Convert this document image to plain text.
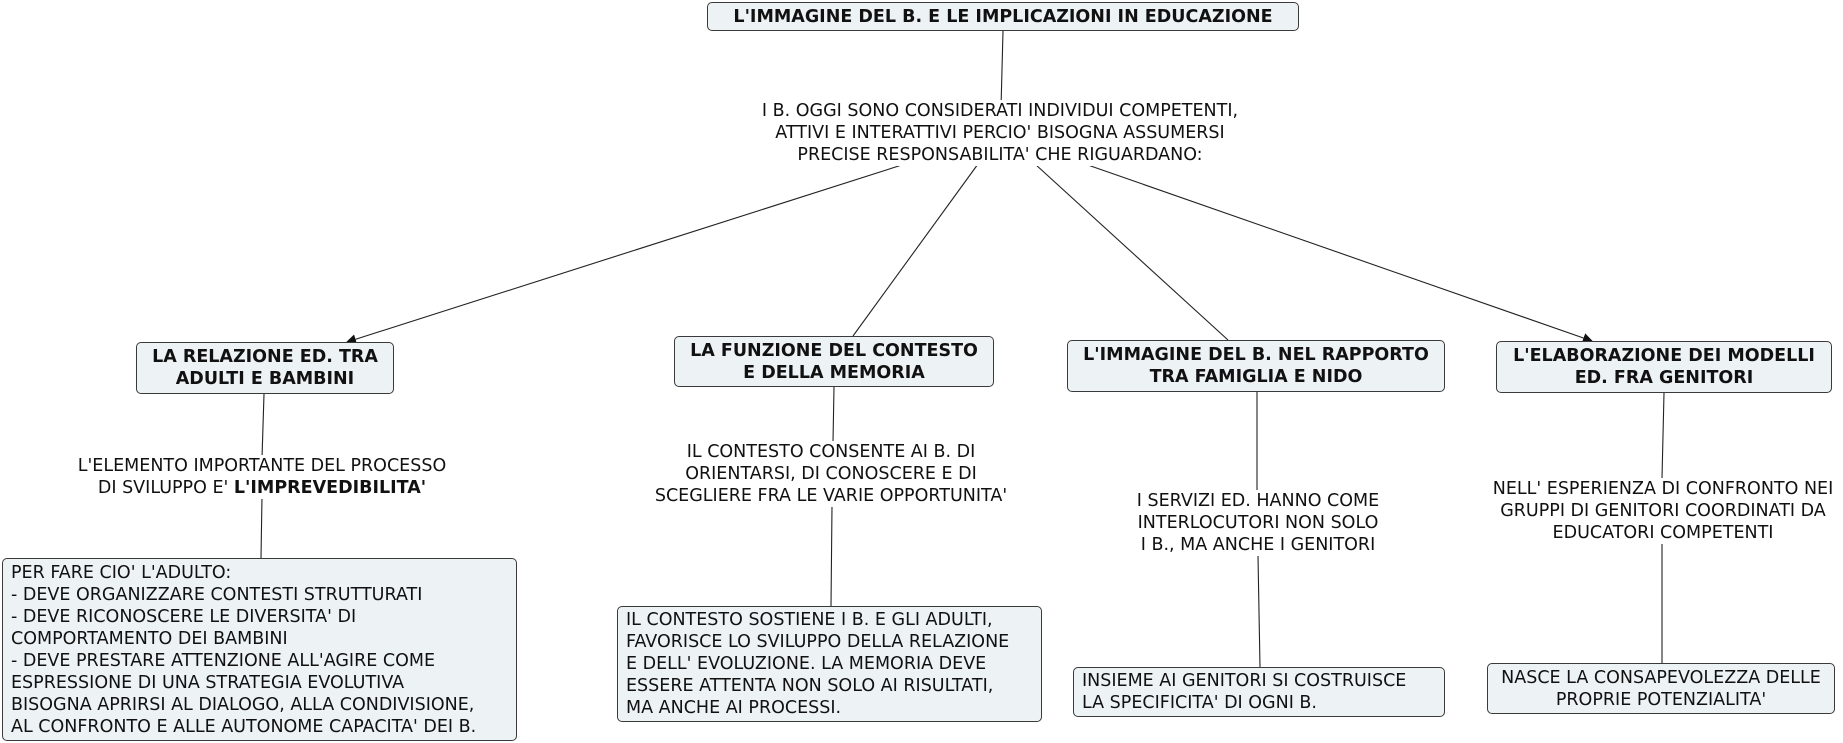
L'IMMAGINE DEL B. E LE IMPLICAZIONI IN EDUCAZIONE
I B. OGGI SONO CONSIDERATI INDIVIDUI COMPETENTI,
ATTIVI E INTERATTIVI PERCIO' BISOGNA ASSUMERSI
PRECISE RESPONSABILITA' CHE RIGUARDANO:
LA RELAZIONE ED. TRA
ADULTI E BAMBINI
LA FUNZIONE DEL CONTESTO
E DELLA MEMORIA
L'IMMAGINE DEL B. NEL RAPPORTO
TRA FAMIGLIA E NIDO
L'ELABORAZIONE DEI MODELLI
ED. FRA GENITORI
L'ELEMENTO IMPORTANTE DEL PROCESSO
DI SVILUPPO E' L'IMPREVEDIBILITA'
IL CONTESTO CONSENTE AI B. DI
ORIENTARSI, DI CONOSCERE E DI
SCEGLIERE FRA LE VARIE OPPORTUNITA'	I SERVIZI ED. HANNO COME
INTERLOCUTORI NON SOLO
I B., MA ANCHE I GENITORI
NELL' ESPERIENZA DI CONFRONTO NEI
GRUPPI DI GENITORI COORDINATI DA
EDUCATORI COMPETENTI
PER FARE CIO' L'ADULTO:
- DEVE ORGANIZZARE CONTESTI STRUTTURATI
- DEVE RICONOSCERE LE DIVERSITA' DI
COMPORTAMENTO DEI BAMBINI
- DEVE PRESTARE ATTENZIONE ALL'AGIRE COME
ESPRESSIONE DI UNA STRATEGIA EVOLUTIVA
BISOGNA APRIRSI AL DIALOGO, ALLA CONDIVISIONE,
AL CONFRONTO E ALLE AUTONOME CAPACITA' DEI B.
IL CONTESTO SOSTIENE I B. E GLI ADULTI,
FAVORISCE LO SVILUPPO DELLA RELAZIONE
E DELL' EVOLUZIONE. LA MEMORIA DEVE
ESSERE ATTENTA NON SOLO AI RISULTATI,
MA ANCHE AI PROCESSI.
INSIEME AI GENITORI SI COSTRUISCE
LA SPECIFICITA' DI OGNI B.
NASCE LA CONSAPEVOLEZZA DELLE
PROPRIE POTENZIALITA'
